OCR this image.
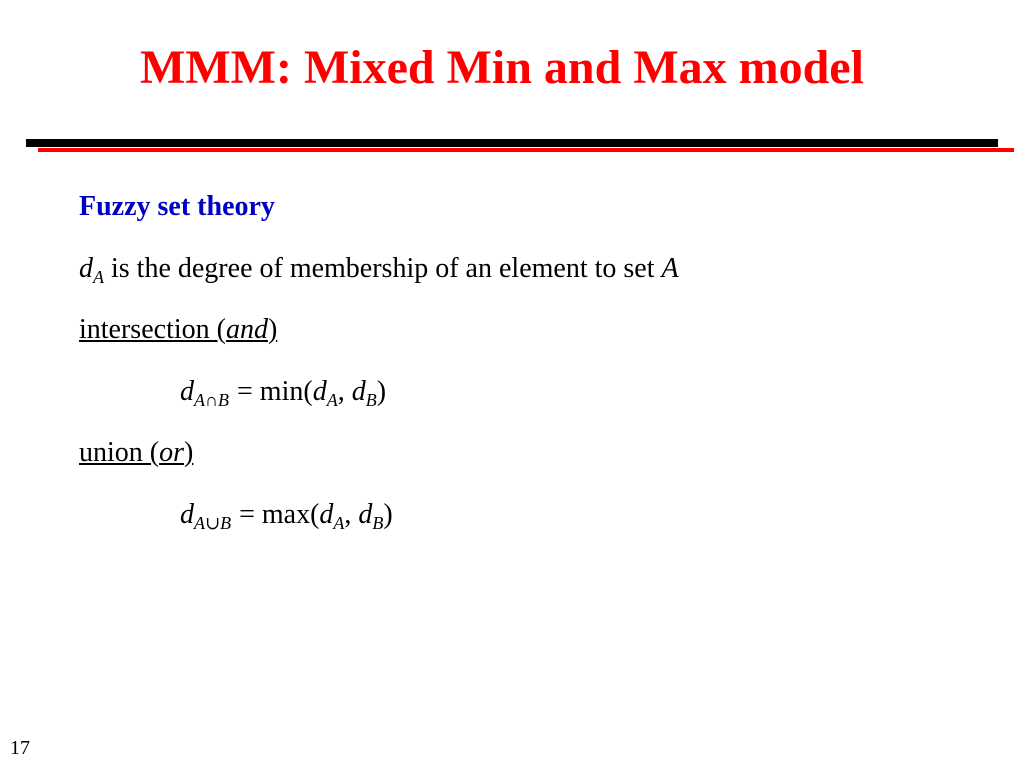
MMM: Mixed Min and Max model
Fuzzy set theory
$d_A$ is the degree of membership of an element to set A
intersection (and)
$d_{A\cap B} = \min(d_A$, $d_B$)
union (or)
$d_{A\cup B} = \max(d_A$, $d_B$)
17
